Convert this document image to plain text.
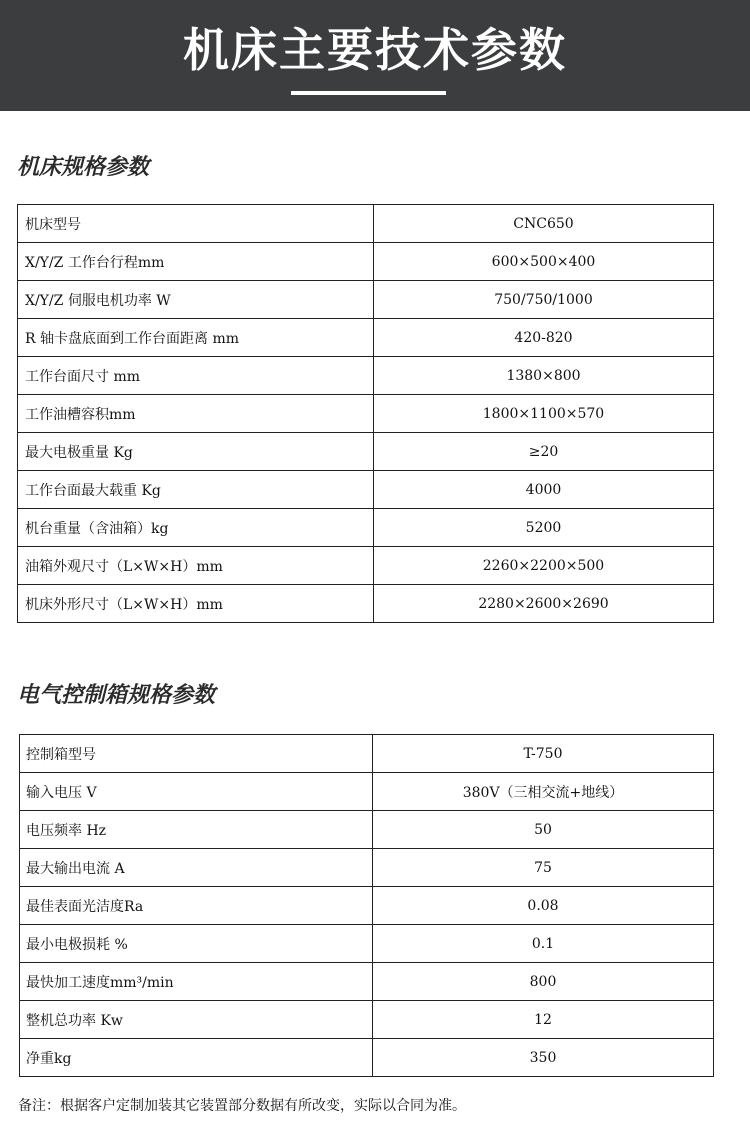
机床主要技术参数
机床规格参数
机床型号	CNC650
X/Y/Z 工作台行程mm	600×500×400
X/Y/Z 伺服电机功率 W	750/750/1000
R 轴卡盘底面到工作台面距离 mm	420-820
工作台面尺寸 mm	1380×800
工作油槽容积mm	1800×1100×570
最大电极重量 Kg	≥20
工作台面最大载重 Kg	4000
机台重量（含油箱）kg	5200
油箱外观尺寸（L×W×H）mm	2260×2200×500
机床外形尺寸（L×W×H）mm	2280×2600×2690
电气控制箱规格参数
控制箱型号	T-750
输入电压 V	380V（三相交流+地线）
电压频率 Hz	50
最大输出电流 A	75
最佳表面光洁度Ra	0.08
最小电极损耗 %	0.1
最快加工速度mm³/min	800
整机总功率 Kw	12
净重kg	350
备注：根据客户定制加装其它装置部分数据有所改变，实际以合同为准。
